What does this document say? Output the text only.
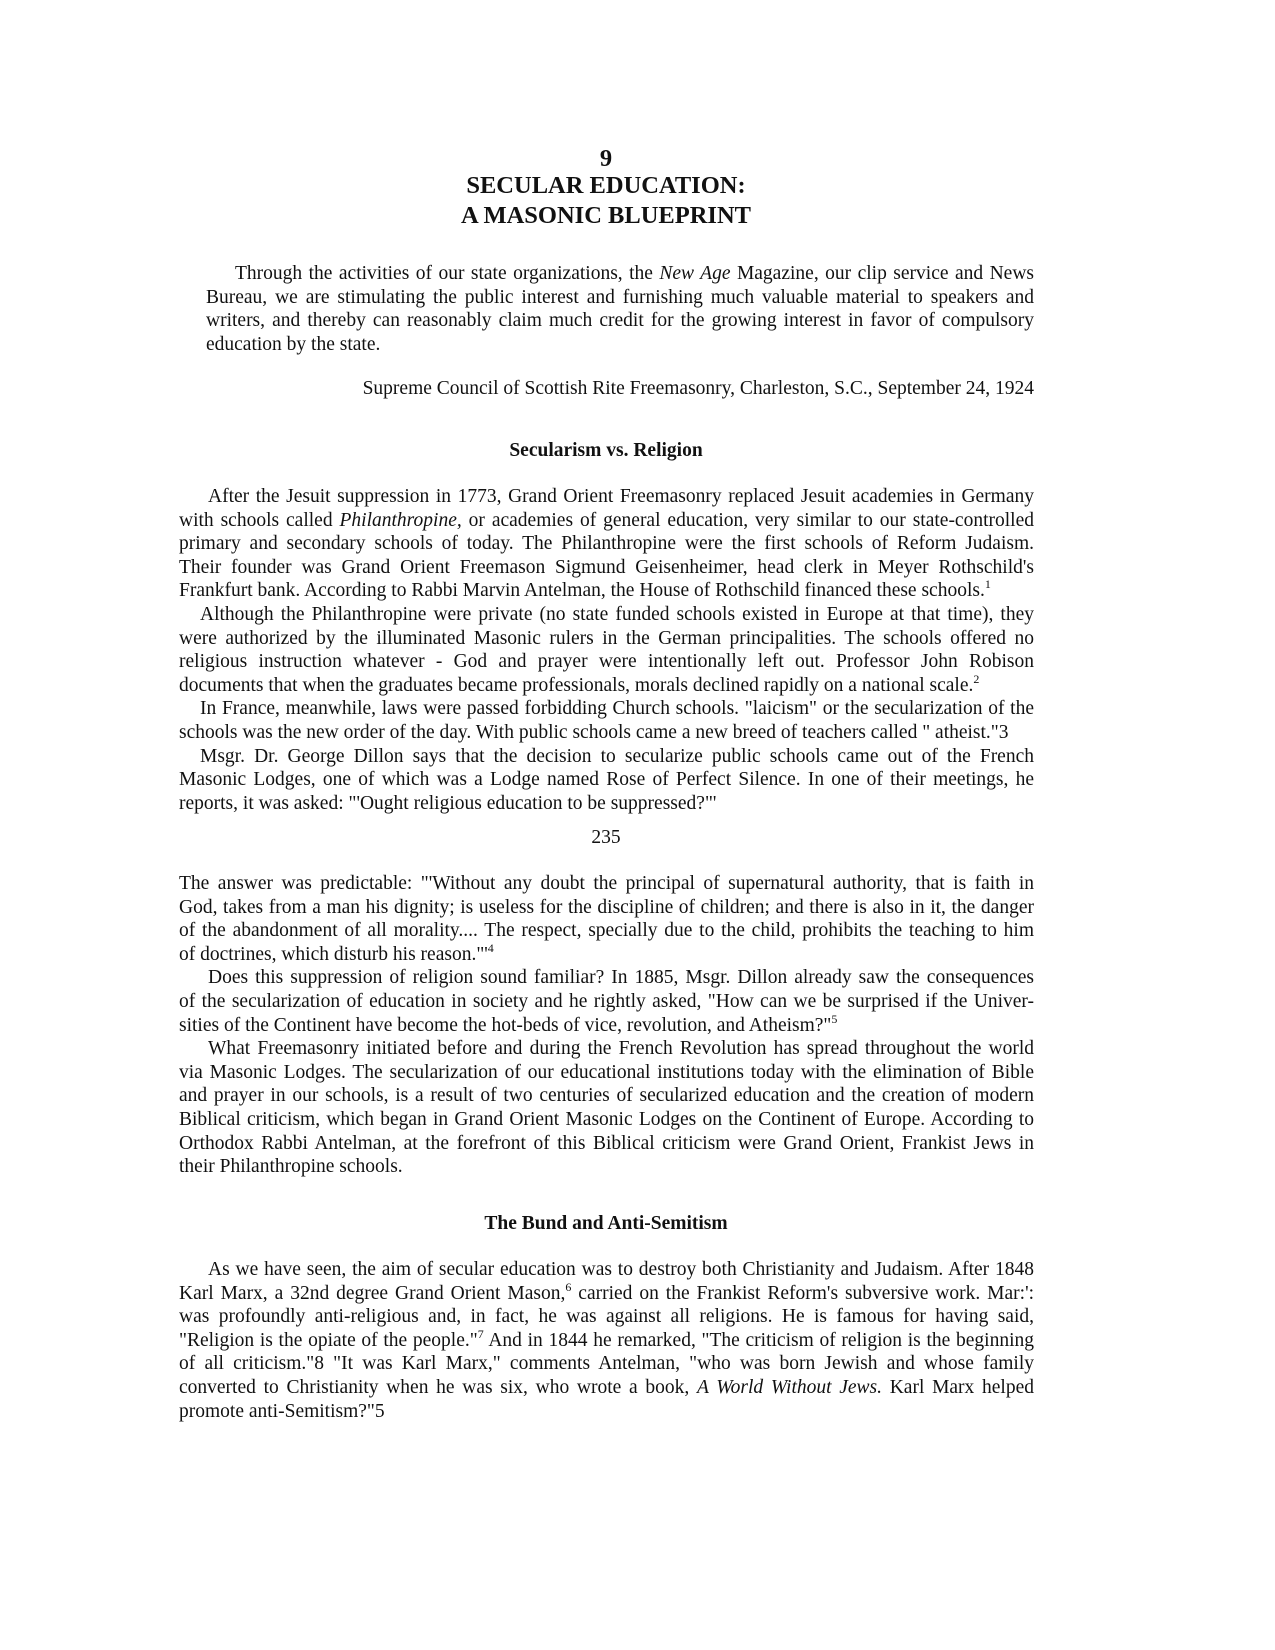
9
SECULAR EDUCATION:
A MASONIC BLUEPRINT
Through the activities of our state organizations, the New Age Magazine, our clip service and News
Bureau, we are stimulating the public interest and furnishing much valuable material to speakers and
writers, and thereby can reasonably claim much credit for the growing interest in favor of compulsory
education by the state.
Supreme Council of Scottish Rite Freemasonry, Charleston, S.C., September 24, 1924
Secularism vs. Religion
After the Jesuit suppression in 1773, Grand Orient Freemasonry replaced Jesuit academies in Germany
with schools called Philanthropine, or academies of general education, very similar to our state-controlled
primary and secondary schools of today. The Philanthropine were the first schools of Reform Judaism.
Their founder was Grand Orient Freemason Sigmund Geisenheimer, head clerk in Meyer Rothschild's
Frankfurt bank. According to Rabbi Marvin Antelman, the House of Rothschild financed these schools.$^1$
Although the Philanthropine were private (no state funded schools existed in Europe at that time), they
were authorized by the illuminated Masonic rulers in the German principalities. The schools offered no
religious instruction whatever - God and prayer were intentionally left out. Professor John Robison
documents that when the graduates became professionals, morals declined rapidly on a national scale.$^2$
In France, meanwhile, laws were passed forbidding Church schools. "laicism" or the secularization of the
schools was the new order of the day. With public schools came a new breed of teachers called " atheist."3
Msgr. Dr. George Dillon says that the decision to secularize public schools came out of the French
Masonic Lodges, one of which was a Lodge named Rose of Perfect Silence. In one of their meetings, he
reports, it was asked: "'Ought religious education to be suppressed?"'
235
The answer was predictable: "'Without any doubt the principal of supernatural authority, that is faith in
God, takes from a man his dignity; is useless for the discipline of children; and there is also in it, the danger
of the abandonment of all morality.... The respect, specially due to the child, prohibits the teaching to him
of doctrines, which disturb his $reason."'^4$
Does this suppression of religion sound familiar? In 1885, Msgr. Dillon already saw the consequences
of the secularization of education in society and he rightly asked, "How can we be surprised if the Univer-
sities of the Continent have become the hot-beds of vice, revolution, and Atheism?"$^5$
What Freemasonry initiated before and during the French Revolution has spread throughout the world
via Masonic Lodges. The secularization of our educational institutions today with the elimination of Bible
and prayer in our schools, is a result of two centuries of secularized education and the creation of modern
Biblical criticism, which began in Grand Orient Masonic Lodges on the Continent of Europe. According to
Orthodox Rabbi Antelman, at the forefront of this Biblical criticism were Grand Orient, Frankist Jews in
their Philanthropine schools.
The Bund and Anti-Semitism
As we have seen, the aim of secular education was to destroy both Christianity and Judaism. After 1848
Karl Marx, a 32nd degree Grand Orient Mason,$^6$ carried on the Frankist Reform's subversive work. Mar:':
was profoundly anti-religious and, in fact, he was against all religions. He is famous for having said,
"Religion is the opiate of the people."$^7$ And in 1844 he remarked, "The criticism of religion is the beginning
of all criticism."8 "It was Karl Marx," comments Antelman, "who was born Jewish and whose family
converted to Christianity when he was six, who wrote a book, A World Without Jews. Karl Marx helped
promote anti-Semitism?"5
